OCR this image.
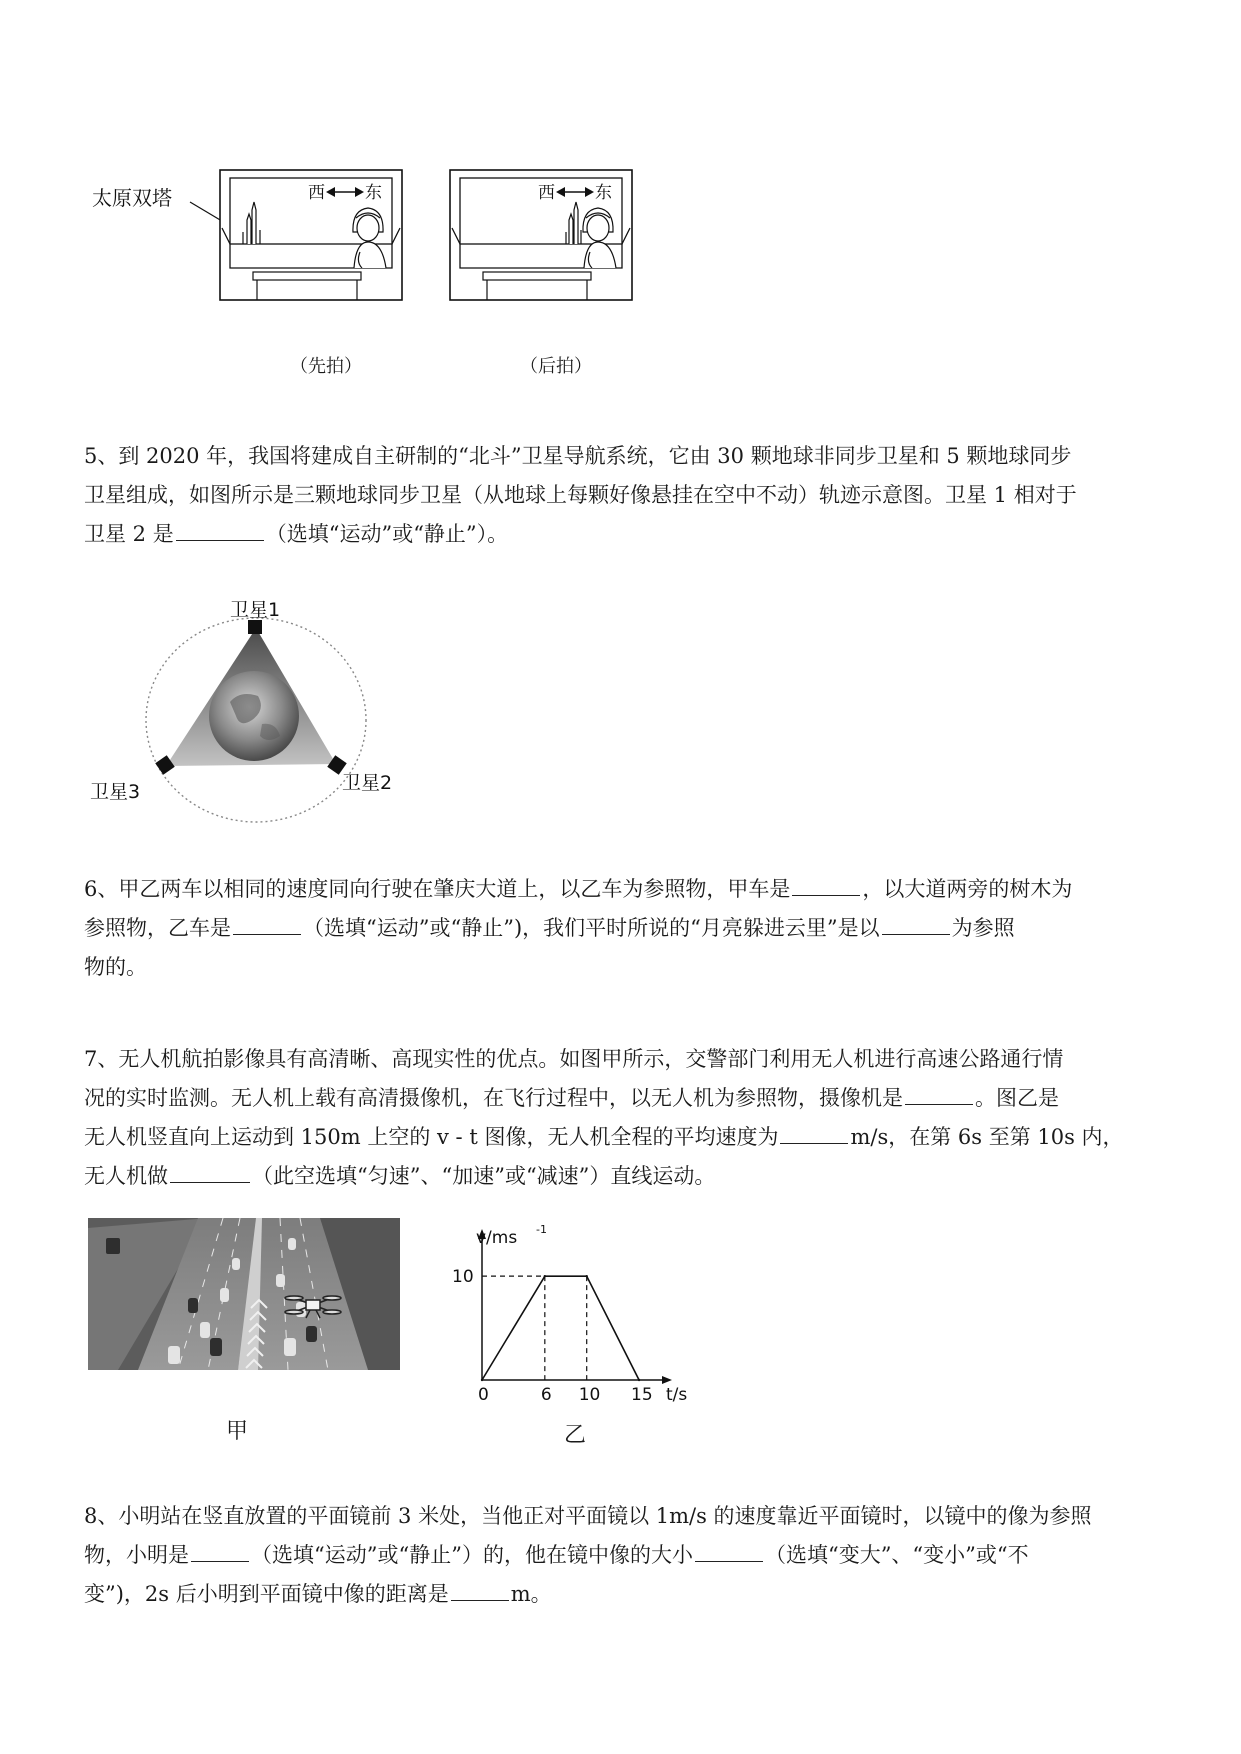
太原双塔	西 东	西 东
（先拍）	（后拍）
5、到 2020 年，我国将建成自主研制的“北斗”卫星导航系统，它由 30 颗地球非同步卫星和 5 颗地球同步
卫星组成，如图所示是三颗地球同步卫星（从地球上每颗好像悬挂在空中不动）轨迹示意图。卫星 1 相对于
卫星 2 是	（选填“运动”或“静止”）。
卫星1
卫星2
卫星3
6、甲乙两车以相同的速度同向行驶在肇庆大道上，以乙车为参照物，甲车是	，以大道两旁的树木为
参照物，乙车是	（选填“运动”或“静止”)，我们平时所说的“月亮躲进云里”是以	为参照
物的。
7、无人机航拍影像具有高清晰、高现实性的优点。如图甲所示，交警部门利用无人机进行高速公路通行情
况的实时监测。无人机上载有高清摄像机，在飞行过程中，以无人机为参照物，摄像机是	。图乙是
无人机竖直向上运动到 150m 上空的 v - t 图像，无人机全程的平均速度为	m/s，在第 6s 至第 10s 内，
无人机做	（此空选填“匀速”、“加速”或“减速”）直线运动。
甲
v/ms -1
t/s
0	6 10 15
10
乙
8、小明站在竖直放置的平面镜前 3 米处，当他正对平面镜以 1m/s 的速度靠近平面镜时，以镜中的像为参照
物，小明是	（选填“运动”或“静止”）的，他在镜中像的大小	（选填“变大”、“变小”或“不
变”)，2s 后小明到平面镜中像的距离是	m。
